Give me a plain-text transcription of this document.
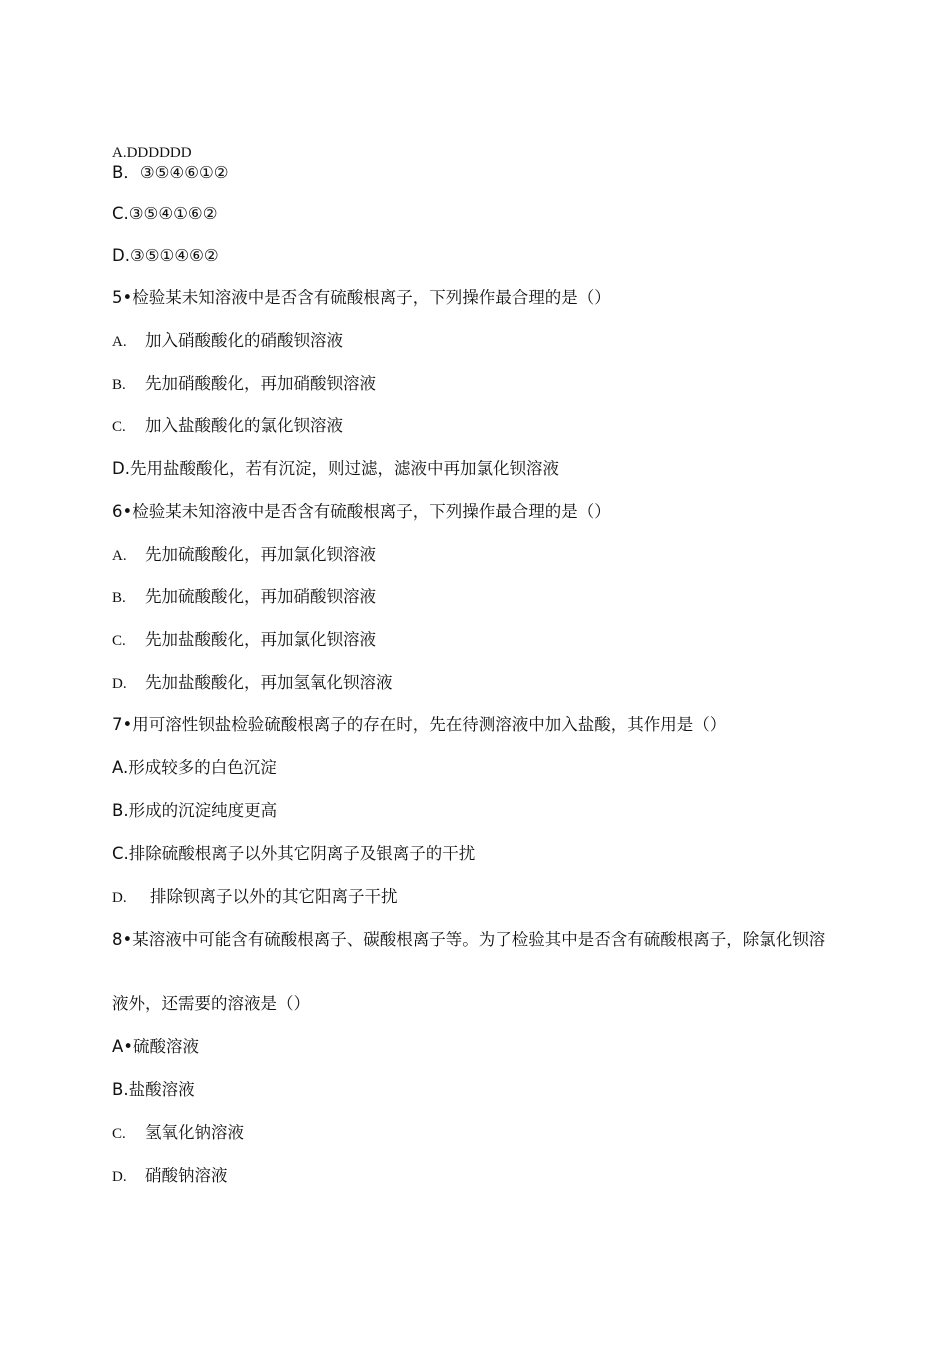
A.DDDDDD
B．③⑤④⑥①②
C.③⑤④①⑥②
D.③⑤①④⑥②
5•检验某未知溶液中是否含有硫酸根离子，下列操作最合理的是（）
A. 加入硝酸酸化的硝酸钡溶液
B. 先加硝酸酸化，再加硝酸钡溶液
C. 加入盐酸酸化的氯化钡溶液
D.先用盐酸酸化，若有沉淀，则过滤，滤液中再加氯化钡溶液
6•检验某未知溶液中是否含有硫酸根离子，下列操作最合理的是（）
A. 先加硫酸酸化，再加氯化钡溶液
B. 先加硫酸酸化，再加硝酸钡溶液
C. 先加盐酸酸化，再加氯化钡溶液
D. 先加盐酸酸化，再加氢氧化钡溶液
7•用可溶性钡盐检验硫酸根离子的存在时，先在待测溶液中加入盐酸，其作用是（）
A.形成较多的白色沉淀
B.形成的沉淀纯度更高
C.排除硫酸根离子以外其它阴离子及银离子的干扰
D. 排除钡离子以外的其它阳离子干扰
8•某溶液中可能含有硫酸根离子、碳酸根离子等。为了检验其中是否含有硫酸根离子，除氯化钡溶
液外，还需要的溶液是（）
A•硫酸溶液
B.盐酸溶液
C. 氢氧化钠溶液
D. 硝酸钠溶液
